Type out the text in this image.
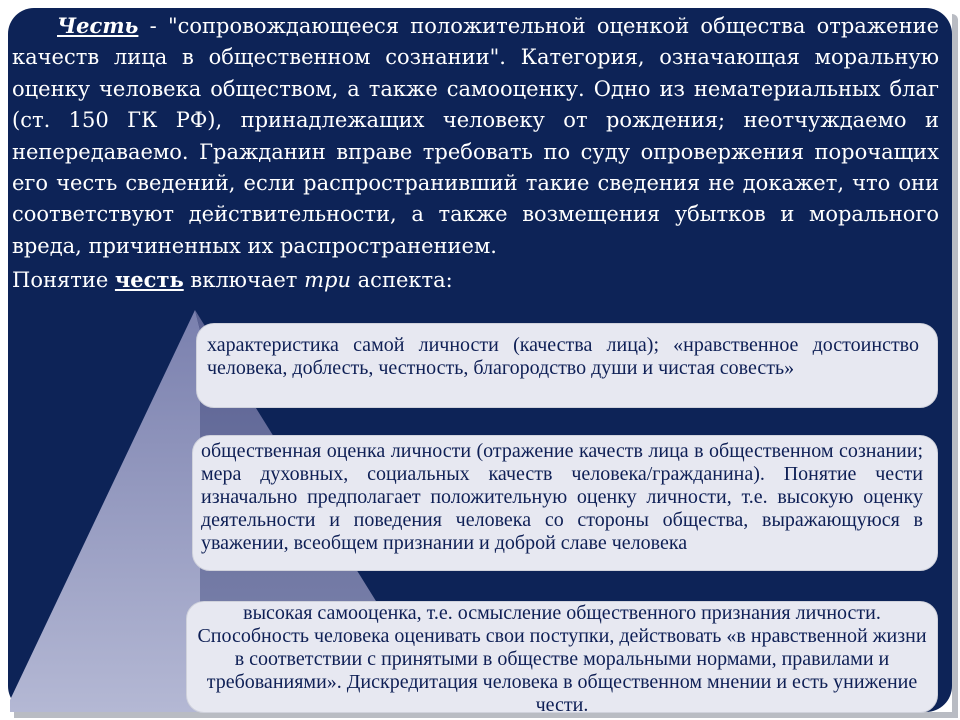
Честь - "сопровождающееся положительной оценкой общества отражение качеств лица в общественном сознании". Категория, означающая моральную оценку человека обществом, а также самооценку. Одно из нематериальных благ (ст. 150 ГК РФ), принадлежащих человеку от рождения; неотчуждаемо и непередаваемо. Гражданин вправе требовать по суду опровержения порочащих его честь сведений, если распространивший такие сведения не докажет, что они соответствуют действительности, а также возмещения убытков и морального вреда, причиненных их распространением.
Понятие честь включает три аспекта:

характеристика самой личности (качества лица); «нравственное достоинство человека, доблесть, честность, благородство души и чистая совесть»

общественная оценка личности (отражение качеств лица в общественном сознании; мера духовных, социальных качеств человека/гражданина). Понятие чести изначально предполагает положительную оценку личности, т.е. высокую оценку деятельности и поведения человека со стороны общества, выражающуюся в уважении, всеобщем признании и доброй славе человека

высокая самооценка, т.е. осмысление общественного признания личности. Способность человека оценивать свои поступки, действовать «в нравственной жизни в соответствии с принятыми в обществе моральными нормами, правилами и требованиями». Дискредитация человека в общественном мнении и есть унижение чести.
